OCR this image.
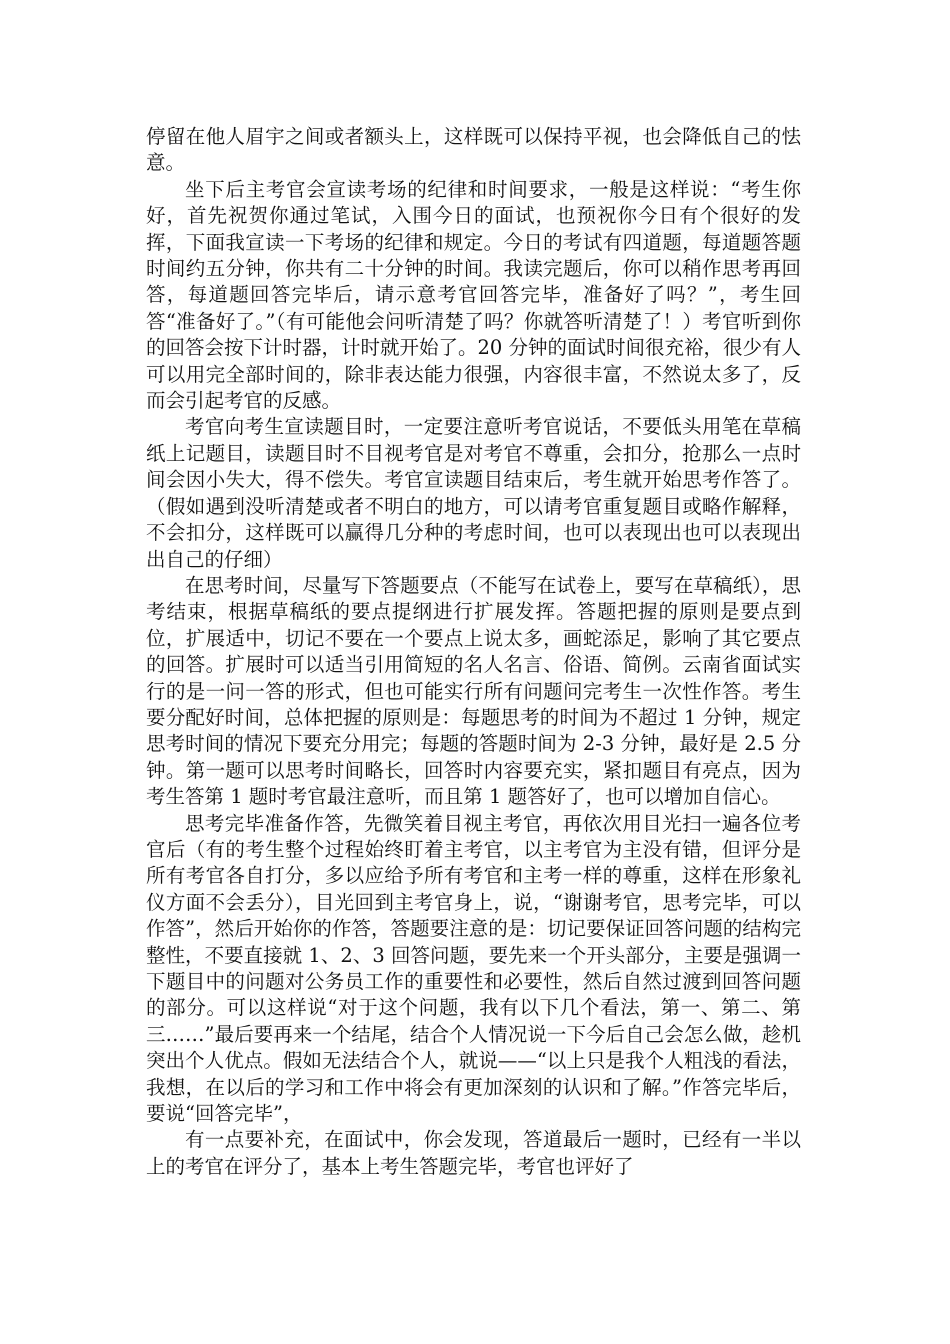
停留在他人眉宇之间或者额头上，这样既可以保持平视，也会降低自己的怯意。

坐下后主考官会宣读考场的纪律和时间要求，一般是这样说：“考生你好，首先祝贺你通过笔试，入围今日的面试，也预祝你今日有个很好的发挥，下面我宣读一下考场的纪律和规定。今日的考试有四道题，每道题答题时间约五分钟，你共有二十分钟的时间。我读完题后，你可以稍作思考再回答，每道题回答完毕后，请示意考官回答完毕，准备好了吗？”，考生回答“准备好了。”（有可能他会问听清楚了吗？你就答听清楚了！）考官听到你的回答会按下计时器，计时就开始了。20 分钟的面试时间很充裕，很少有人可以用完全部时间的，除非表达能力很强，内容很丰富，不然说太多了，反而会引起考官的反感。

考官向考生宣读题目时，一定要注意听考官说话，不要低头用笔在草稿纸上记题目，读题目时不目视考官是对考官不尊重，会扣分，抢那么一点时间会因小失大，得不偿失。考官宣读题目结束后，考生就开始思考作答了。（假如遇到没听清楚或者不明白的地方，可以请考官重复题目或略作解释，不会扣分，这样既可以赢得几分种的考虑时间，也可以表现出也可以表现出出自己的仔细）

在思考时间，尽量写下答题要点（不能写在试卷上，要写在草稿纸），思考结束，根据草稿纸的要点提纲进行扩展发挥。答题把握的原则是要点到位，扩展适中，切记不要在一个要点上说太多，画蛇添足，影响了其它要点的回答。扩展时可以适当引用简短的名人名言、俗语、简例。云南省面试实行的是一问一答的形式，但也可能实行所有问题问完考生一次性作答。考生要分配好时间，总体把握的原则是：每题思考的时间为不超过 1 分钟，规定思考时间的情况下要充分用完；每题的答题时间为 2-3 分钟，最好是 2.5 分钟。第一题可以思考时间略长，回答时内容要充实，紧扣题目有亮点，因为考生答第 1 题时考官最注意听，而且第 1 题答好了，也可以增加自信心。

思考完毕准备作答，先微笑着目视主考官，再依次用目光扫一遍各位考官后（有的考生整个过程始终盯着主考官，以主考官为主没有错，但评分是所有考官各自打分，多以应给予所有考官和主考一样的尊重，这样在形象礼仪方面不会丢分），目光回到主考官身上，说，“谢谢考官，思考完毕，可以作答”，然后开始你的作答，答题要注意的是：切记要保证回答问题的结构完整性，不要直接就 1、2、3 回答问题，要先来一个开头部分，主要是强调一下题目中的问题对公务员工作的重要性和必要性，然后自然过渡到回答问题的部分。可以这样说“对于这个问题，我有以下几个看法，第一、第二、第三……”最后要再来一个结尾，结合个人情况说一下今后自己会怎么做，趁机突出个人优点。假如无法结合个人，就说——“以上只是我个人粗浅的看法，我想，在以后的学习和工作中将会有更加深刻的认识和了解。”作答完毕后，要说“回答完毕”，

有一点要补充，在面试中，你会发现，答道最后一题时，已经有一半以上的考官在评分了，基本上考生答题完毕，考官也评好了
